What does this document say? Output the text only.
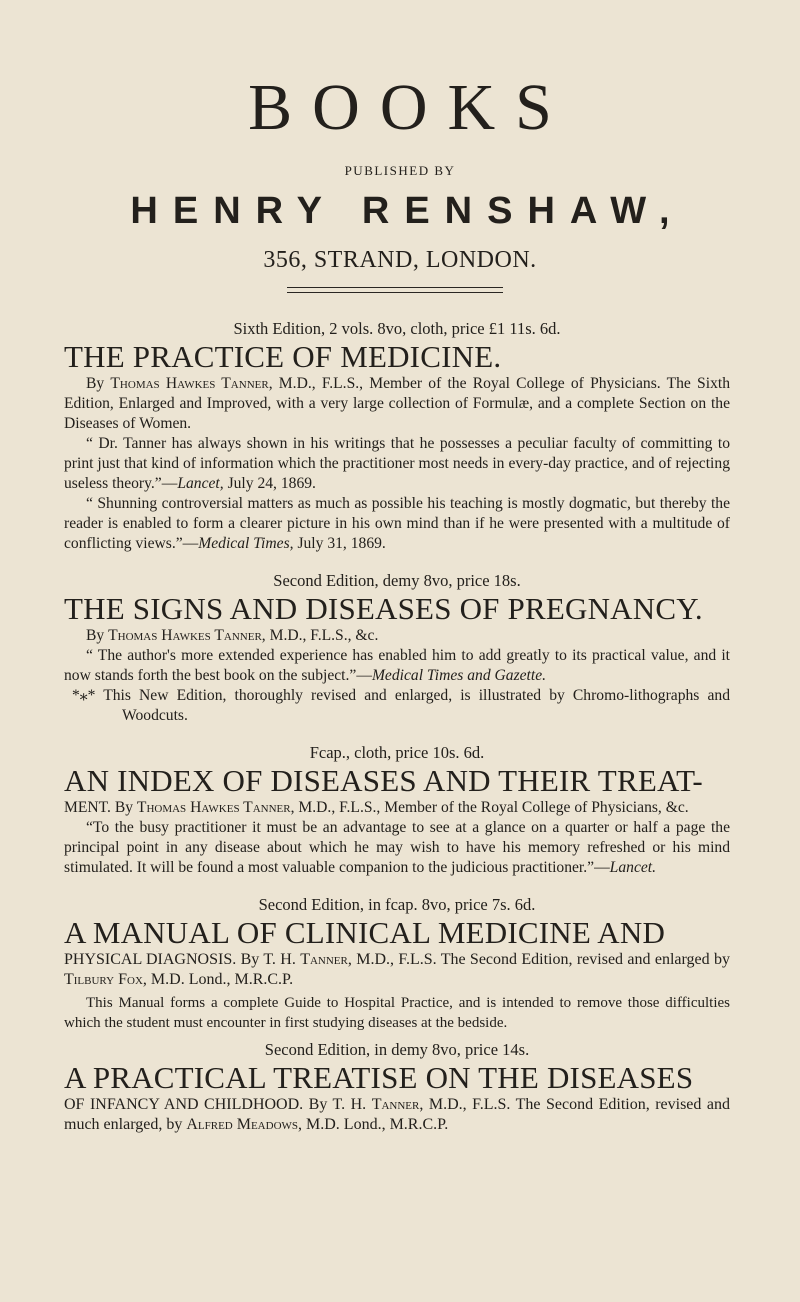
BOOKS
PUBLISHED BY
HENRY RENSHAW,
356, STRAND, LONDON.

Sixth Edition, 2 vols. 8vo, cloth, price £1 11s. 6d.

THE PRACTICE OF MEDICINE.

By Thomas Hawkes Tanner, M.D., F.L.S., Member of the Royal College of Physicians. The Sixth Edition, Enlarged and Improved, with a very large collection of Formulæ, and a complete Section on the Diseases of Women.

“ Dr. Tanner has always shown in his writings that he possesses a peculiar faculty of committing to print just that kind of information which the practitioner most needs in every-day practice, and of rejecting useless theory.”—Lancet, July 24, 1869.

“ Shunning controversial matters as much as possible his teaching is mostly dogmatic, but thereby the reader is enabled to form a clearer picture in his own mind than if he were presented with a multitude of conflicting views.”—Medical Times, July 31, 1869.

Second Edition, demy 8vo, price 18s.

THE SIGNS AND DISEASES OF PREGNANCY.

By Thomas Hawkes Tanner, M.D., F.L.S., &c.

“ The author's more extended experience has enabled him to add greatly to its practical value, and it now stands forth the best book on the subject.”—Medical Times and Gazette.

*⁎* This New Edition, thoroughly revised and enlarged, is illustrated by Chromo-lithographs and Woodcuts.

Fcap., cloth, price 10s. 6d.

AN INDEX OF DISEASES AND THEIR TREAT-

MENT. By Thomas Hawkes Tanner, M.D., F.L.S., Member of the Royal College of Physicians, &c.

“To the busy practitioner it must be an advantage to see at a glance on a quarter or half a page the principal point in any disease about which he may wish to have his memory refreshed or his mind stimulated. It will be found a most valuable companion to the judicious practitioner.”—Lancet.

Second Edition, in fcap. 8vo, price 7s. 6d.

A MANUAL OF CLINICAL MEDICINE AND

PHYSICAL DIAGNOSIS. By T. H. Tanner, M.D., F.L.S. The Second Edition, revised and enlarged by Tilbury Fox, M.D. Lond., M.R.C.P.

This Manual forms a complete Guide to Hospital Practice, and is intended to remove those difficulties which the student must encounter in first studying diseases at the bedside.

Second Edition, in demy 8vo, price 14s.

A PRACTICAL TREATISE ON THE DISEASES

OF INFANCY AND CHILDHOOD. By T. H. Tanner, M.D., F.L.S. The Second Edition, revised and much enlarged, by Alfred Meadows, M.D. Lond., M.R.C.P.
